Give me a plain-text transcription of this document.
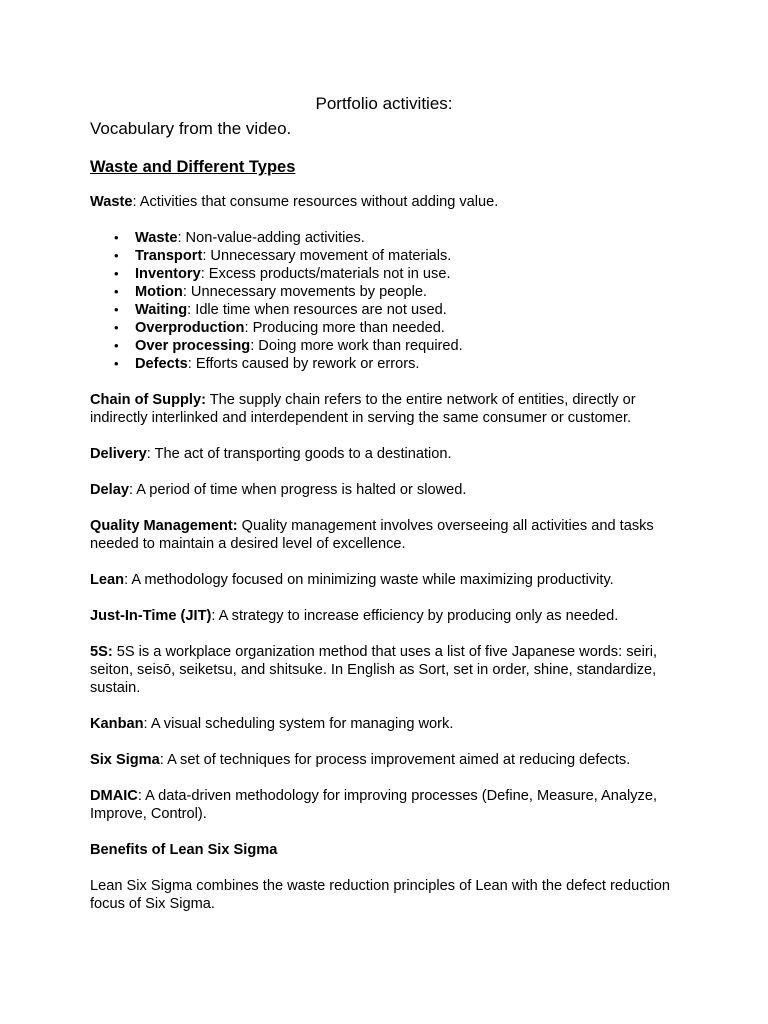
Portfolio activities:
Vocabulary from the video.
Waste and Different Types

Waste: Activities that consume resources without adding value.

• Waste: Non-value-adding activities.
• Transport: Unnecessary movement of materials.
• Inventory: Excess products/materials not in use.
• Motion: Unnecessary movements by people.
• Waiting: Idle time when resources are not used.
• Overproduction: Producing more than needed.
• Over processing: Doing more work than required.
• Defects: Efforts caused by rework or errors.

Chain of Supply: The supply chain refers to the entire network of entities, directly or indirectly interlinked and interdependent in serving the same consumer or customer.

Delivery: The act of transporting goods to a destination.

Delay: A period of time when progress is halted or slowed.

Quality Management: Quality management involves overseeing all activities and tasks needed to maintain a desired level of excellence.

Lean: A methodology focused on minimizing waste while maximizing productivity.

Just-In-Time (JIT): A strategy to increase efficiency by producing only as needed.

5S: 5S is a workplace organization method that uses a list of five Japanese words: seiri, seiton, seisō, seiketsu, and shitsuke. In English as Sort, set in order, shine, standardize, sustain.

Kanban: A visual scheduling system for managing work.

Six Sigma: A set of techniques for process improvement aimed at reducing defects.

DMAIC: A data-driven methodology for improving processes (Define, Measure, Analyze, Improve, Control).

Benefits of Lean Six Sigma

Lean Six Sigma combines the waste reduction principles of Lean with the defect reduction focus of Six Sigma.
